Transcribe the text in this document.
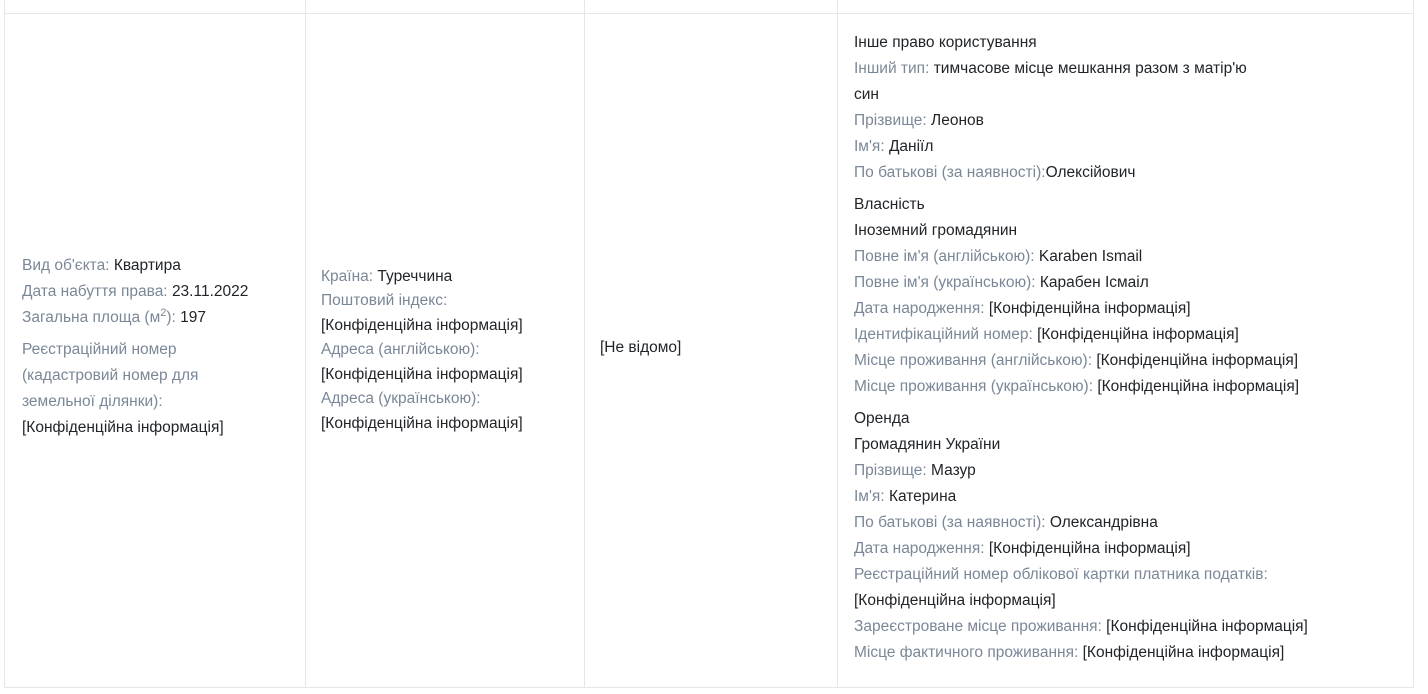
Вид об'єкта: Квартира
Дата набуття права: 23.11.2022
Загальна площа $(м^2)$: 197
Реєстраційний номер
(кадастровий номер для
земельної ділянки):
[Конфіденційна інформація]
Країна: Туреччина
Поштовий індекс:
[Конфіденційна інформація]
Адреса (англійською):
[Конфіденційна інформація]
Адреса (українською):
[Конфіденційна інформація]
[Не відомо]
Інше право користування
Інший тип: тимчасове місце мешкання разом з матір'ю
син
Прізвище: Леонов
Ім'я: Даніїл
По батькові (за наявності):Олексійович
Власність
Іноземний громадянин
Повне ім'я (англійською): Karaben Ismail
Повне ім'я (українською): Карабен Ісмаіл
Дата народження: [Конфіденційна інформація]
Ідентифікаційний номер: [Конфіденційна інформація]
Місце проживання (англійською): [Конфіденційна інформація]
Місце проживання (українською): [Конфіденційна інформація]
Оренда
Громадянин України
Прізвище: Мазур
Ім'я: Катерина
По батькові (за наявності): Олександрівна
Дата народження: [Конфіденційна інформація]
Реєстраційний номер облікової картки платника податків:
[Конфіденційна інформація]
Зареєстроване місце проживання: [Конфіденційна інформація]
Місце фактичного проживання: [Конфіденційна інформація]
